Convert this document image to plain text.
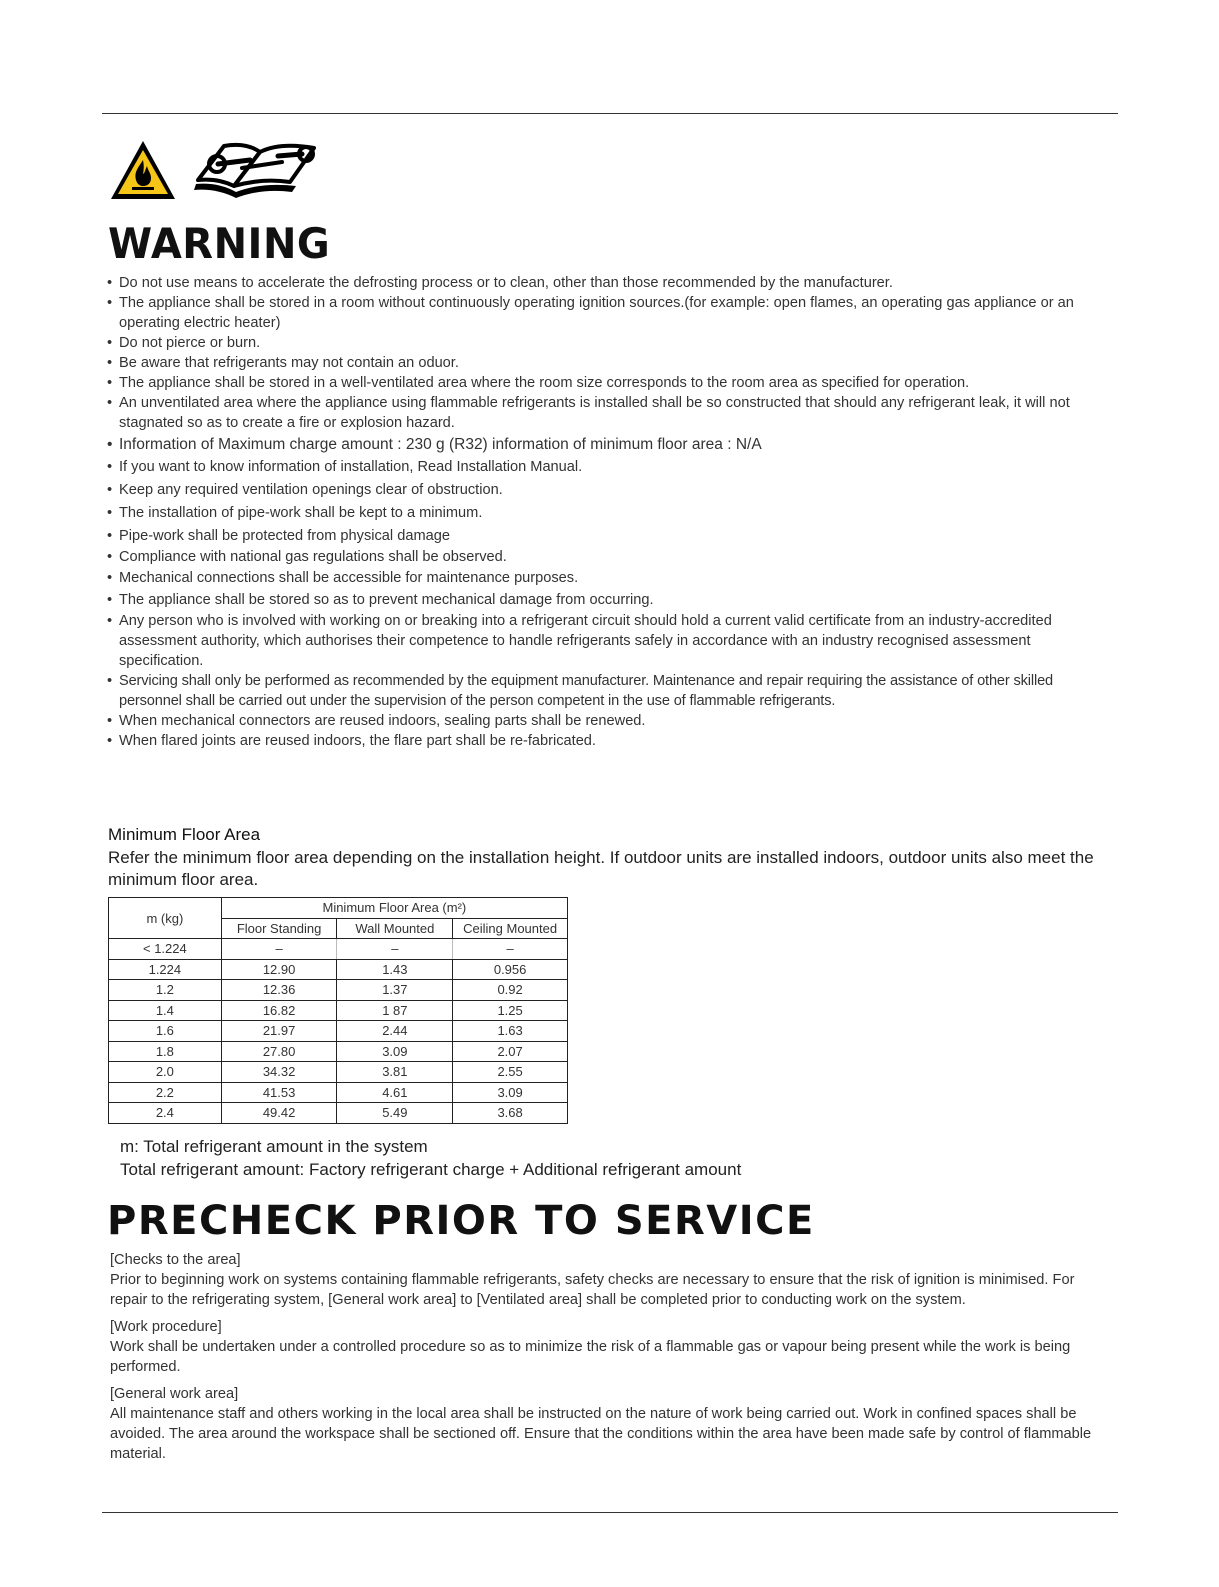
WARNING
• Do not use means to accelerate the defrosting process or to clean, other than those recommended by the manufacturer.
• The appliance shall be stored in a room without continuously operating ignition sources.(for example: open flames, an operating gas appliance or an operating electric heater)
• Do not pierce or burn.
• Be aware that refrigerants may not contain an oduor.
• The appliance shall be stored in a well-ventilated area where the room size corresponds to the room area as specified for operation.
• An unventilated area where the appliance using flammable refrigerants is installed shall be so constructed that should any refrigerant leak, it will not stagnated so as to create a fire or explosion hazard.
• Information of Maximum charge amount : 230 g (R32) information of minimum floor area : N/A
• If you want to know information of installation, Read Installation Manual.
• Keep any required ventilation openings clear of obstruction.
• The installation of pipe-work shall be kept to a minimum.
• Pipe-work shall be protected from physical damage
• Compliance with national gas regulations shall be observed.
• Mechanical connections shall be accessible for maintenance purposes.
• The appliance shall be stored so as to prevent mechanical damage from occurring.
• Any person who is involved with working on or breaking into a refrigerant circuit should hold a current valid certificate from an industry-accredited assessment authority, which authorises their competence to handle refrigerants safely in accordance with an industry recognised assessment specification.
• Servicing shall only be performed as recommended by the equipment manufacturer. Maintenance and repair requiring the assistance of other skilled personnel shall be carried out under the supervision of the person competent in the use of flammable refrigerants.
• When mechanical connectors are reused indoors, sealing parts shall be renewed.
• When flared joints are reused indoors, the flare part shall be re-fabricated.
Minimum Floor Area
Refer the minimum floor area depending on the installation height. If outdoor units are installed indoors, outdoor units also meet the minimum floor area.
m (kg)	Minimum Floor Area (m²)		
	Floor Standing	Wall Mounted	Ceiling Mounted
< 1.224	–	–	–
1.224	12.90	1.43	0.956
1.2	12.36	1.37	0.92
1.4	16.82	1 87	1.25
1.6	21.97	2.44	1.63
1.8	27.80	3.09	2.07
2.0	34.32	3.81	2.55
2.2	41.53	4.61	3.09
2.4	49.42	5.49	3.68
m: Total refrigerant amount in the system
Total refrigerant amount: Factory refrigerant charge + Additional refrigerant amount
PRECHECK PRIOR TO SERVICE

[Checks to the area]

Prior to beginning work on systems containing flammable refrigerants, safety checks are necessary to ensure that the risk of ignition is minimised. For repair to the refrigerating system, [General work area] to [Ventilated area] shall be completed prior to conducting work on the system.

[Work procedure]

Work shall be undertaken under a controlled procedure so as to minimize the risk of a flammable gas or vapour being present while the work is being performed.

[General work area]

All maintenance staff and others working in the local area shall be instructed on the nature of work being carried out. Work in confined spaces shall be avoided. The area around the workspace shall be sectioned off. Ensure that the conditions within the area have been made safe by control of flammable material.
